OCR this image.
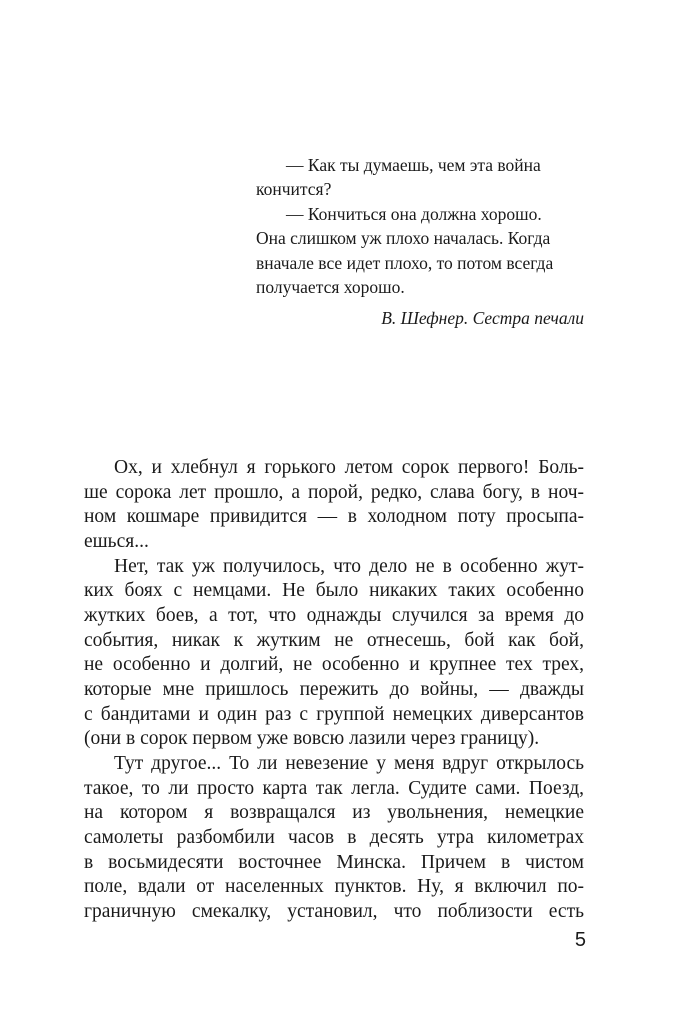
— Как ты думаешь, чем эта война
кончится?
— Кончиться она должна хорошо.
Она слишком уж плохо началась. Когда
вначале все идет плохо, то потом всегда
получается хорошо.
В. Шефнер. Сестра печали
Ох, и хлебнул я горького летом сорок первого! Боль-
ше сорока лет прошло, а порой, редко, слава богу, в ноч-
ном кошмаре привидится — в холодном поту просыпа-
ешься...
Нет, так уж получилось, что дело не в особенно жут-
ких боях с немцами. Не было никаких таких особенно
жутких боев, а тот, что однажды случился за время до
события, никак к жутким не отнесешь, бой как бой,
не особенно и долгий, не особенно и крупнее тех трех,
которые мне пришлось пережить до войны, — дважды
с бандитами и один раз с группой немецких диверсантов
(они в сорок первом уже вовсю лазили через границу).
Тут другое... То ли невезение у меня вдруг открылось
такое, то ли просто карта так легла. Судите сами. Поезд,
на котором я возвращался из увольнения, немецкие
самолеты разбомбили часов в десять утра километрах
в восьмидесяти восточнее Минска. Причем в чистом
поле, вдали от населенных пунктов. Ну, я включил по-
граничную смекалку, установил, что поблизости есть
5
